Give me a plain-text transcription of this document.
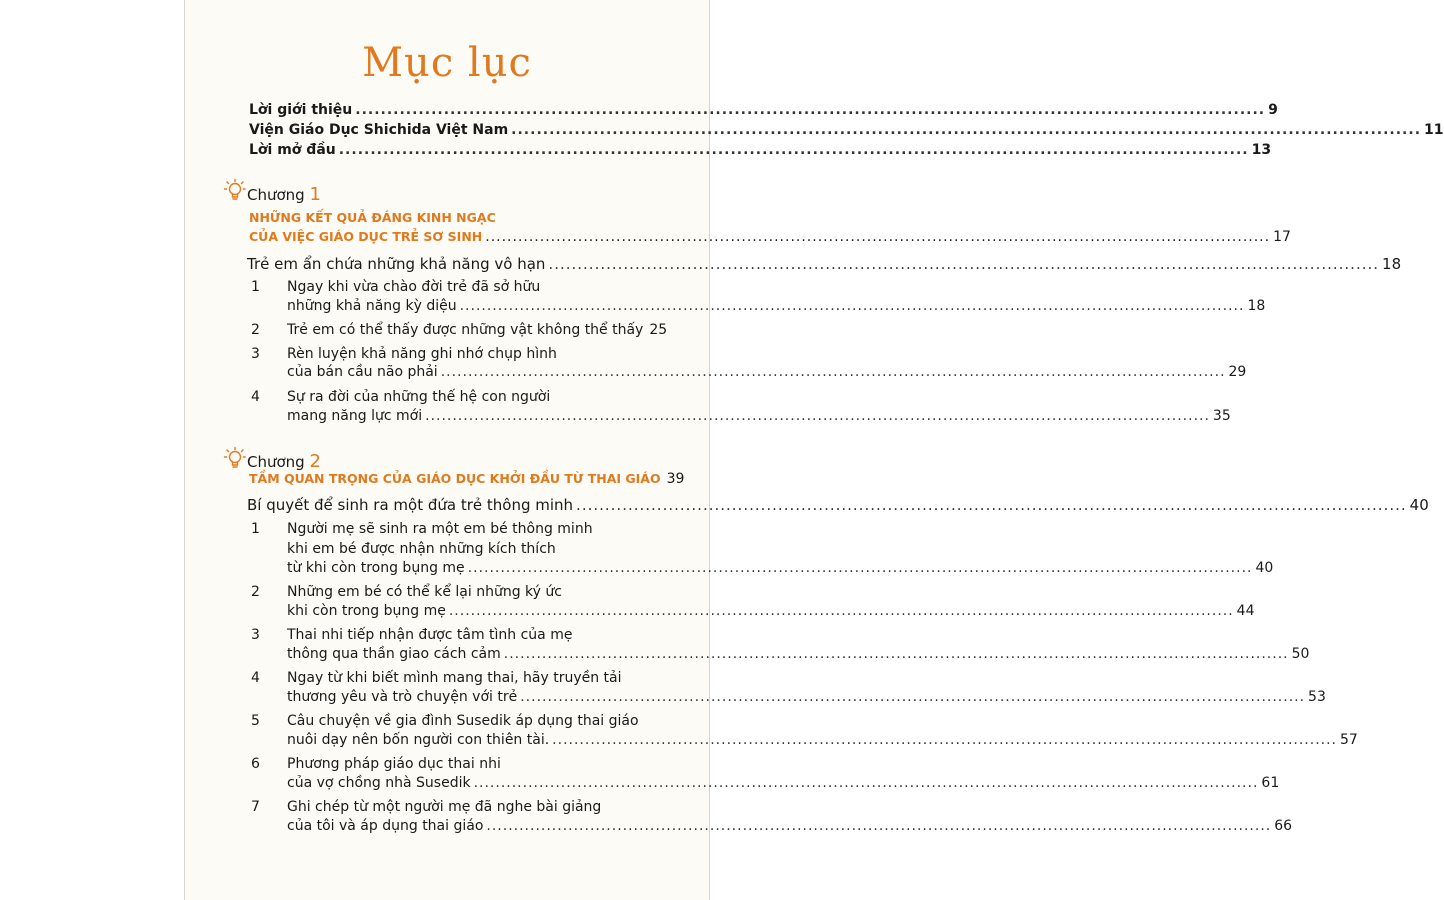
Mục lục
Lời giới thiệu ................................................................................................................................................ 9
Viện Giáo Dục Shichida Việt Nam ................................................................................................................................................ 11
Lời mở đầu ................................................................................................................................................ 13
Chương 1
NHỮNG KẾT QUẢ ĐÁNG KINH NGẠC
CỦA VIỆC GIÁO DỤC TRẺ SƠ SINH ................................................................................................................................................ 17
Trẻ em ẩn chứa những khả năng vô hạn ................................................................................................................................................ 18
1 Ngay khi vừa chào đời trẻ đã sở hữu
những khả năng kỳ diệu ................................................................................................................................................ 18
2 Trẻ em có thể thấy được những vật không thể thấy 25
3 Rèn luyện khả năng ghi nhớ chụp hình
của bán cầu não phải ................................................................................................................................................ 29
4 Sự ra đời của những thế hệ con người
mang năng lực mới ................................................................................................................................................ 35
Chương 2
TẦM QUAN TRỌNG CỦA GIÁO DỤC KHỞI ĐẦU TỪ THAI GIÁO 39
Bí quyết để sinh ra một đứa trẻ thông minh ................................................................................................................................................ 40
1 Người mẹ sẽ sinh ra một em bé thông minh
khi em bé được nhận những kích thích
từ khi còn trong bụng mẹ ................................................................................................................................................ 40
2 Những em bé có thể kể lại những ký ức
khi còn trong bụng mẹ ................................................................................................................................................ 44
3 Thai nhi tiếp nhận được tâm tình của mẹ
thông qua thần giao cách cảm ................................................................................................................................................ 50
4 Ngay từ khi biết mình mang thai, hãy truyền tải
thương yêu và trò chuyện với trẻ ................................................................................................................................................ 53
5 Câu chuyện về gia đình Susedik áp dụng thai giáo
nuôi dạy nên bốn người con thiên tài. ................................................................................................................................................ 57
6 Phương pháp giáo dục thai nhi
của vợ chồng nhà Susedik ................................................................................................................................................ 61
7 Ghi chép từ một người mẹ đã nghe bài giảng
của tôi và áp dụng thai giáo ................................................................................................................................................ 66
